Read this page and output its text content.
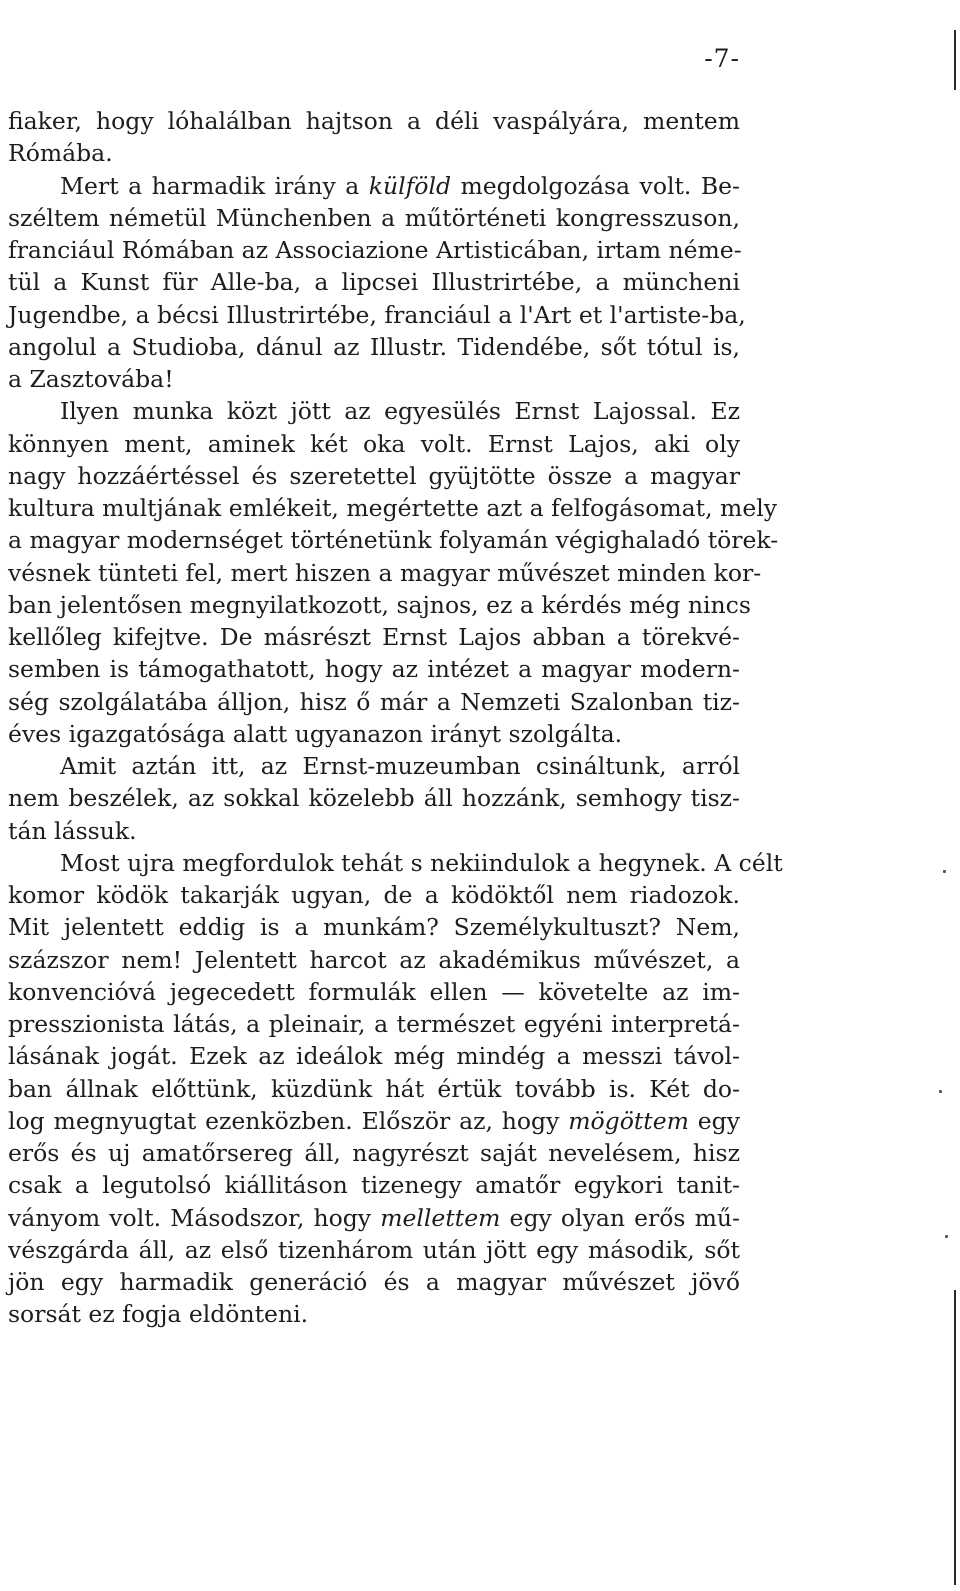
-7-
fiaker, hogy lóhalálban hajtson a déli vaspályára, mentem
Rómába.
Mert a harmadik irány a külföld megdolgozása volt. Be-
széltem németül Münchenben a műtörténeti kongresszuson,
franciául Rómában az Associazione Artisticában, irtam néme-
tül a Kunst für Alle-ba, a lipcsei Illustrirtébe, a müncheni
Jugendbe, a bécsi Illustrirtébe, franciául a l'Art et l'artiste-ba,
angolul a Studioba, dánul az Illustr. Tidendébe, sőt tótul is,
a Zasztovába!
Ilyen munka közt jött az egyesülés Ernst Lajossal. Ez
könnyen ment, aminek két oka volt. Ernst Lajos, aki oly
nagy hozzáértéssel és szeretettel gyüjtötte össze a magyar
kultura multjának emlékeit, megértette azt a felfogásomat, mely
a magyar modernséget történetünk folyamán végighaladó törek-
vésnek tünteti fel, mert hiszen a magyar művészet minden kor-
ban jelentősen megnyilatkozott, sajnos, ez a kérdés még nincs
kellőleg kifejtve. De másrészt Ernst Lajos abban a törekvé-
semben is támogathatott, hogy az intézet a magyar modern-
ség szolgálatába álljon, hisz ő már a Nemzeti Szalonban tiz-
éves igazgatósága alatt ugyanazon irányt szolgálta.
Amit aztán itt, az Ernst-muzeumban csináltunk, arról
nem beszélek, az sokkal közelebb áll hozzánk, semhogy tisz-
tán lássuk.
Most ujra megfordulok tehát s nekiindulok a hegynek. A célt
komor ködök takarják ugyan, de a ködöktől nem riadozok.
Mit jelentett eddig is a munkám? Személykultuszt? Nem,
százszor nem! Jelentett harcot az akadémikus művészet, a
konvencióvá jegecedett formulák ellen — követelte az im-
presszionista látás, a pleinair, a természet egyéni interpretá-
lásának jogát. Ezek az ideálok még mindég a messzi távol-
ban állnak előttünk, küzdünk hát értük tovább is. Két do-
log megnyugtat ezenközben. Először az, hogy mögöttem egy
erős és uj amatőrsereg áll, nagyrészt saját nevelésem, hisz
csak a legutolsó kiállitáson tizenegy amatőr egykori tanit-
ványom volt. Másodszor, hogy mellettem egy olyan erős mű-
vészgárda áll, az első tizenhárom után jött egy második, sőt
jön egy harmadik generáció és a magyar művészet jövő
sorsát ez fogja eldönteni.
